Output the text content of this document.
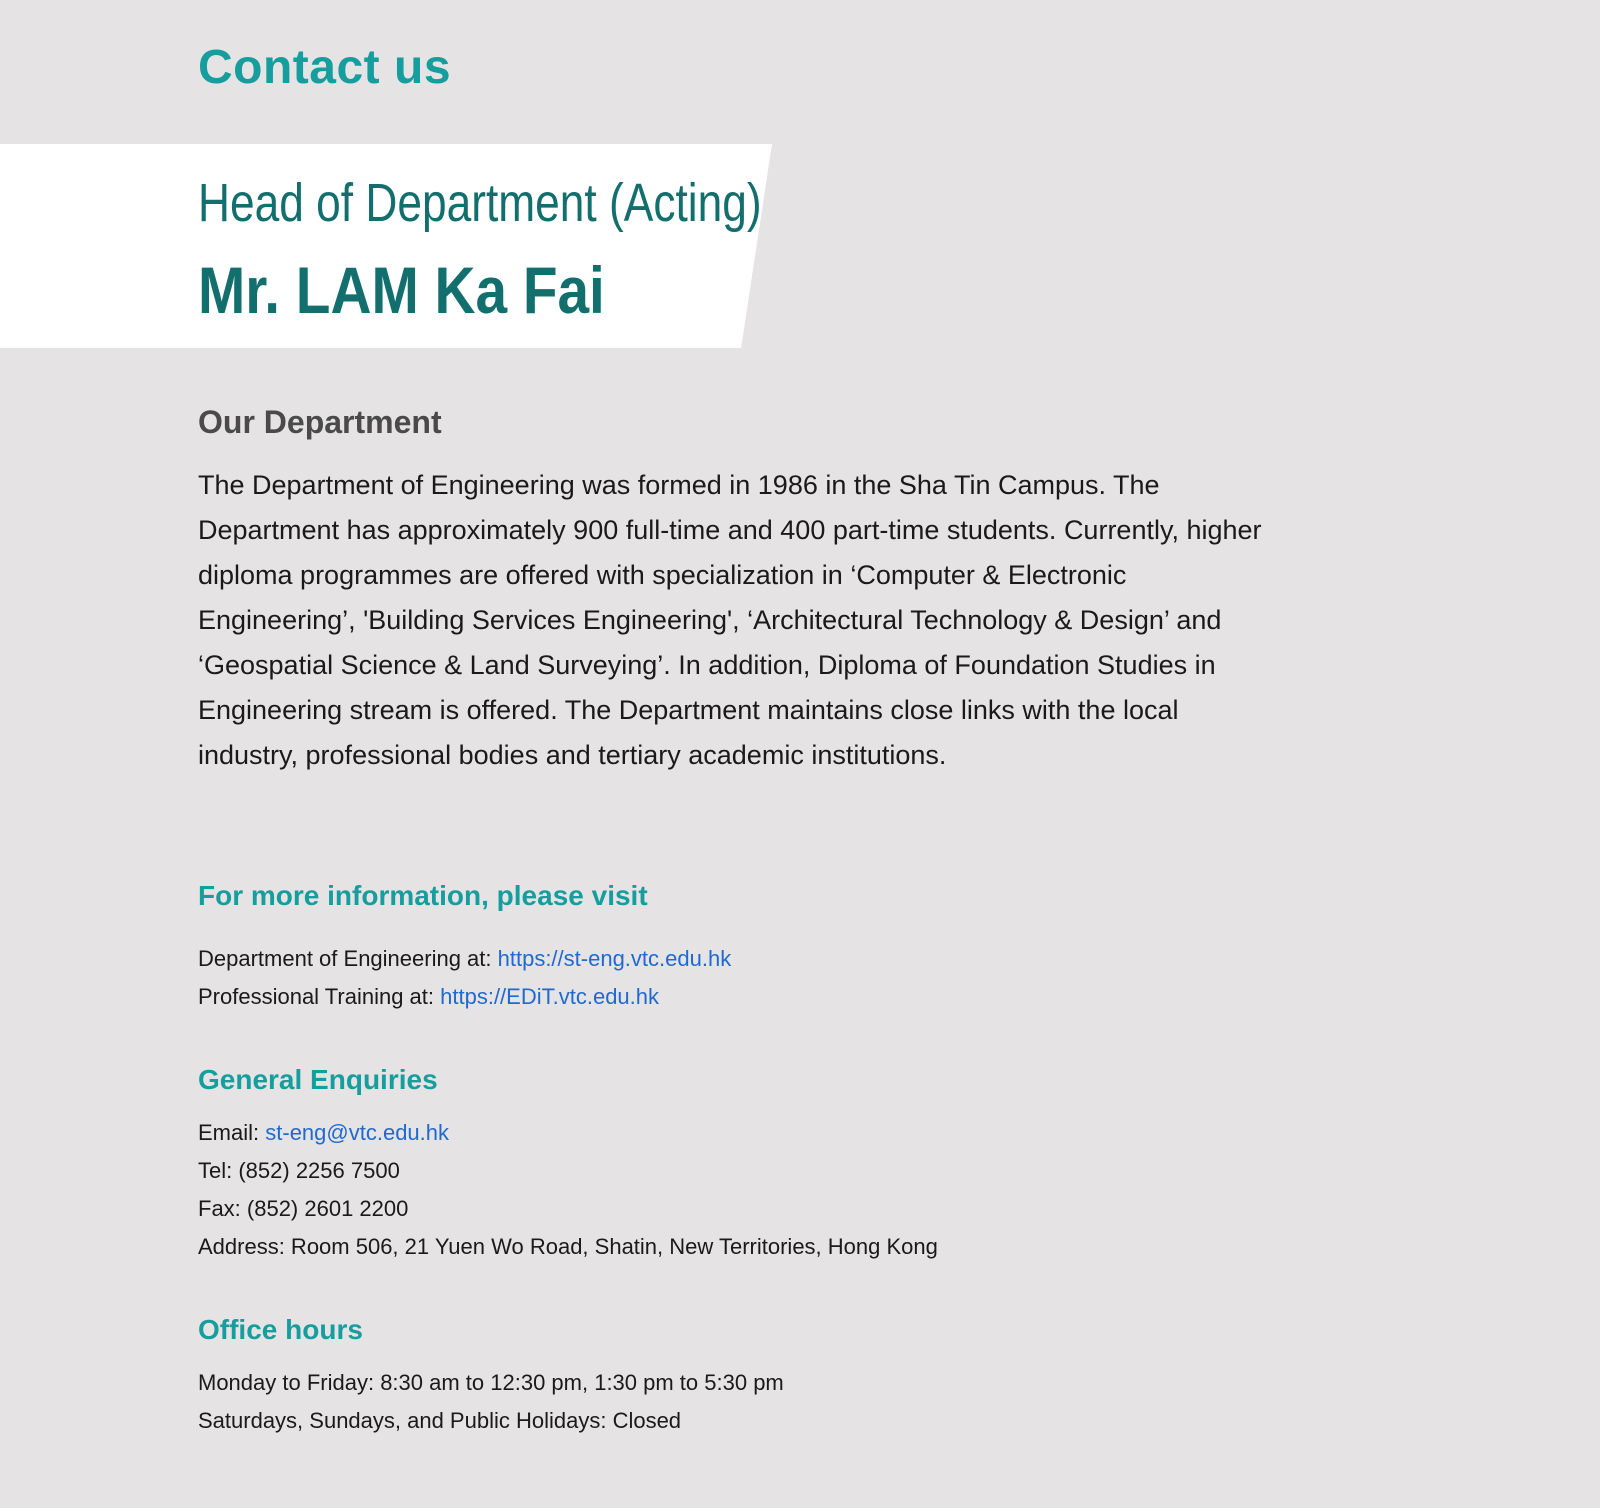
Contact us
Head of Department (Acting)
Mr. LAM Ka Fai
Our Department

The Department of Engineering was formed in 1986 in the Sha Tin Campus. The Department has approximately 900 full-time and 400 part-time students. Currently, higher diploma programmes are offered with specialization in ‘Computer & Electronic Engineering’, 'Building Services Engineering', ‘Architectural Technology & Design’ and ‘Geospatial Science & Land Surveying’. In addition, Diploma of Foundation Studies in Engineering stream is offered. The Department maintains close links with the local industry, professional bodies and tertiary academic institutions.

For more information, please visit
Department of Engineering at: https://st-eng.vtc.edu.hk
Professional Training at: https://EDiT.vtc.edu.hk
General Enquiries
Email: st-eng@vtc.edu.hk
Tel: (852) 2256 7500
Fax: (852) 2601 2200
Address: Room 506, 21 Yuen Wo Road, Shatin, New Territories, Hong Kong
Office hours
Monday to Friday: 8:30 am to 12:30 pm, 1:30 pm to 5:30 pm
Saturdays, Sundays, and Public Holidays: Closed
